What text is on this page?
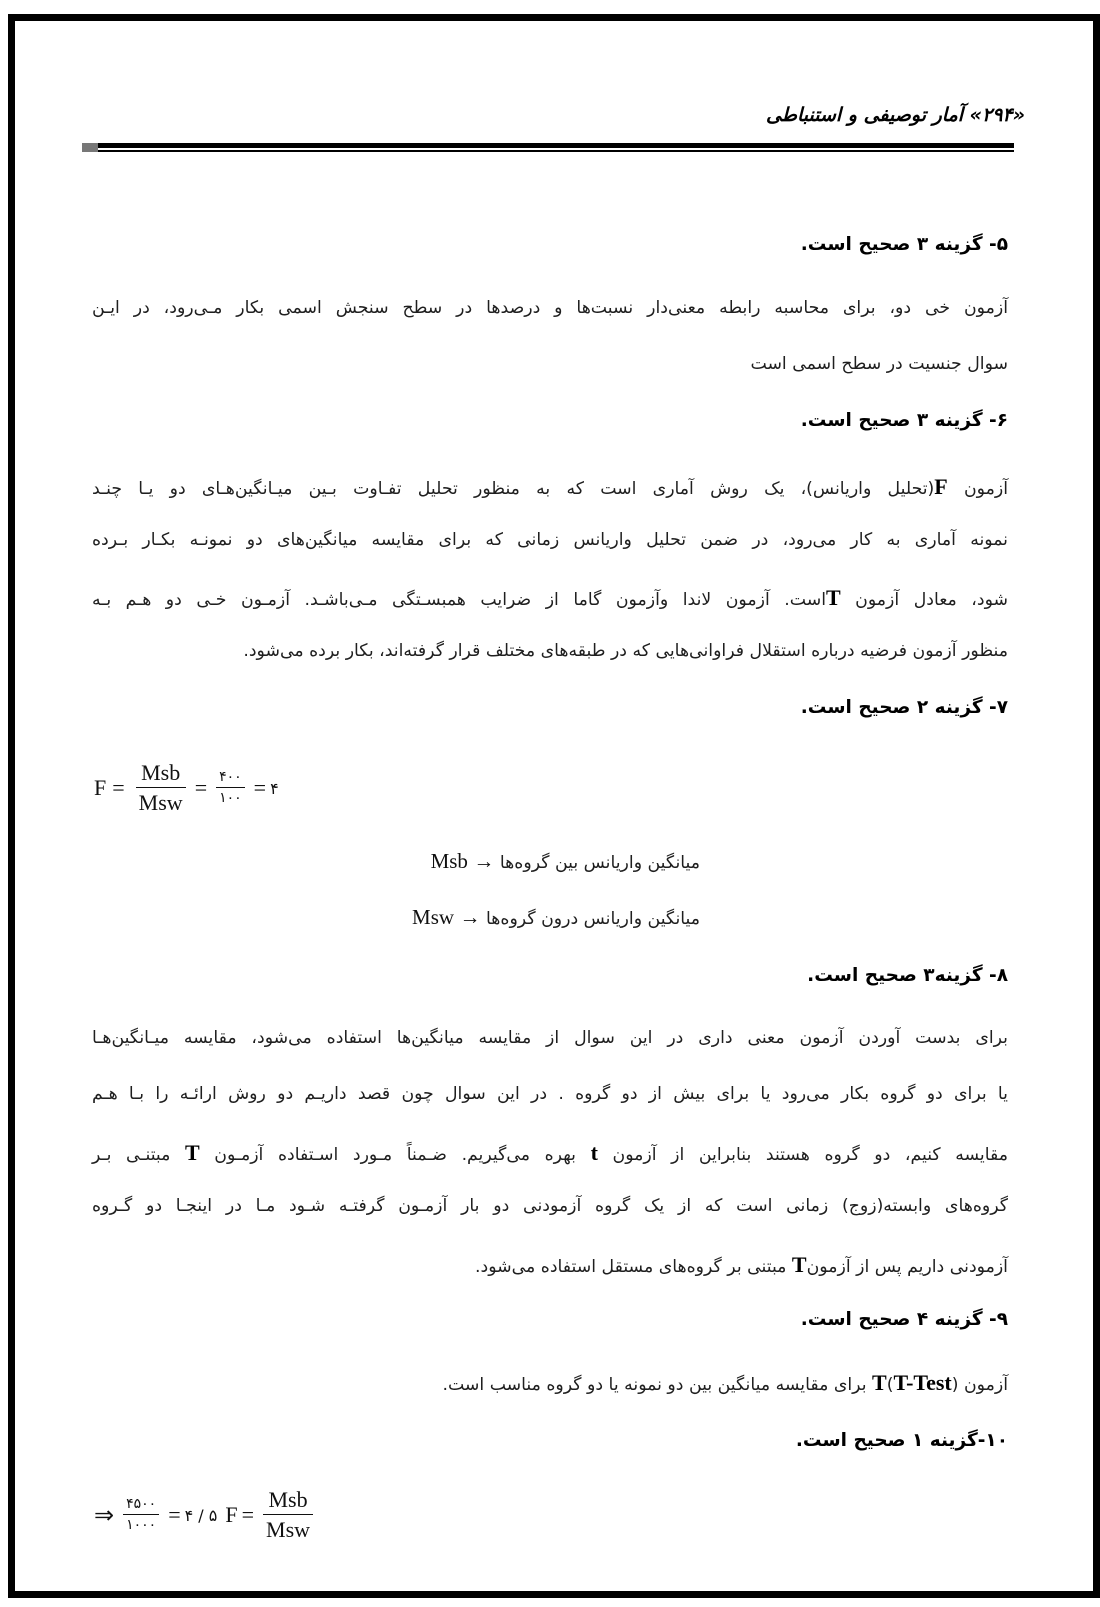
«۲۹۴» آمار توصیفی و استنباطی
۵- گزینه ۳ صحیح است.
آزمون خی دو، برای محاسبه رابطه معنی‌دار نسبت‌ها و درصدها در سطح سنجش اسمی بکار مـی‌رود، در ایـن
سوال جنسیت در سطح اسمی است
۶- گزینه ۳ صحیح است.
آزمون F(تحلیل واریانس)، یک روش آماری است که به منظور تحلیل تفـاوت بـین میـانگین‌هـای دو یـا چنـد
نمونه آماری به کار می‌رود، در ضمن تحلیل واریانس زمانی که برای مقایسه میانگین‌های دو نمونـه بکـار بـرده
شود، معادل آزمون Tاست. آزمون لاندا وآزمون گاما از ضرایب همبسـتگی مـی‌باشـد. آزمـون خـی دو هـم بـه
منظور آزمون فرضیه درباره استقلال فراوانی‌هایی که در طبقه‌های مختلف قرار گرفته‌اند، بکار برده می‌شود.
۷- گزینه ۲ صحیح است.
$F = \frac{\text{Msb}}{\text{Msw}} = \frac{۴۰۰}{۱۰۰}$ = ۴
میانگین واریانس بین گروه‌ها → Msb
میانگین واریانس درون گروه‌ها → Msw
۸- گزینه۳ صحیح است.
برای بدست آوردن آزمون معنی داری در این سوال از مقایسه میانگین‌ها استفاده می‌شود، مقایسه میـانگین‌هـا
یا برای دو گروه بکار می‌رود یا برای بیش از دو گروه . در این سوال چون قصد داریـم دو روش ارائـه را بـا هـم
مقایسه کنیم، دو گروه هستند بنابراین از آزمون t بهره می‌گیریم. ضـمناً مـورد اسـتفاده آزمـون T مبتنـی بـر
گروه‌های وابسته(زوج) زمانی است که از یک گروه آزمودنی دو بار آزمـون گرفتـه شـود مـا در اینجـا دو گـروه
آزمودنی داریم پس از آزمونT مبتنی بر گروه‌های مستقل استفاده می‌شود.
۹- گزینه ۴ صحیح است.
آزمون T(T-Test) برای مقایسه میانگین بین دو نمونه یا دو گروه مناسب است.
۱۰-گزینه ۱ صحیح است.
⇒ $\frac{۴۵۰۰}{۱۰۰۰}$ = ۴ / ۵ $F = \frac{\text{Msb}}{\text{Msw}}$
